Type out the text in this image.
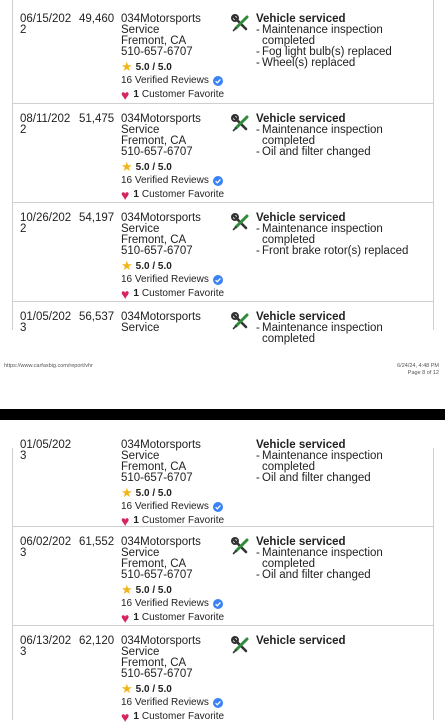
06/15/2022
49,460 034Motorsports
Service
Fremont, CA
510-657-6707
★ 5.0 / 5.0
16 Verified Reviews
♥ 1 Customer Favorite
Vehicle serviced
- Maintenance inspection completed
- Fog light bulb(s) replaced
- Wheel(s) replaced
08/11/2022
51,475 034Motorsports
Service
Fremont, CA
510-657-6707
★ 5.0 / 5.0
16 Verified Reviews
♥ 1 Customer Favorite
Vehicle serviced
- Maintenance inspection completed
- Oil and filter changed
10/26/2022
54,197 034Motorsports
Service
Fremont, CA
510-657-6707
★ 5.0 / 5.0
16 Verified Reviews
♥ 1 Customer Favorite
Vehicle serviced
- Maintenance inspection completed
- Front brake rotor(s) replaced
01/05/2023
56,537 034Motorsports
Service
Vehicle serviced
- Maintenance inspection completed
https://www.carfaxbig.com/report/vhr	6/24/24, 4:48 PM
Page 8 of 12
01/05/2023
034Motorsports
Service
Fremont, CA
510-657-6707
★ 5.0 / 5.0
16 Verified Reviews
♥ 1 Customer Favorite
Vehicle serviced
- Maintenance inspection completed
- Oil and filter changed
06/02/2023
61,552 034Motorsports
Service
Fremont, CA
510-657-6707
★ 5.0 / 5.0
16 Verified Reviews
♥ 1 Customer Favorite
Vehicle serviced
- Maintenance inspection completed
- Oil and filter changed
06/13/2023
62,120 034Motorsports
Service
Fremont, CA
510-657-6707
★ 5.0 / 5.0
16 Verified Reviews
♥ 1 Customer Favorite
Vehicle serviced
